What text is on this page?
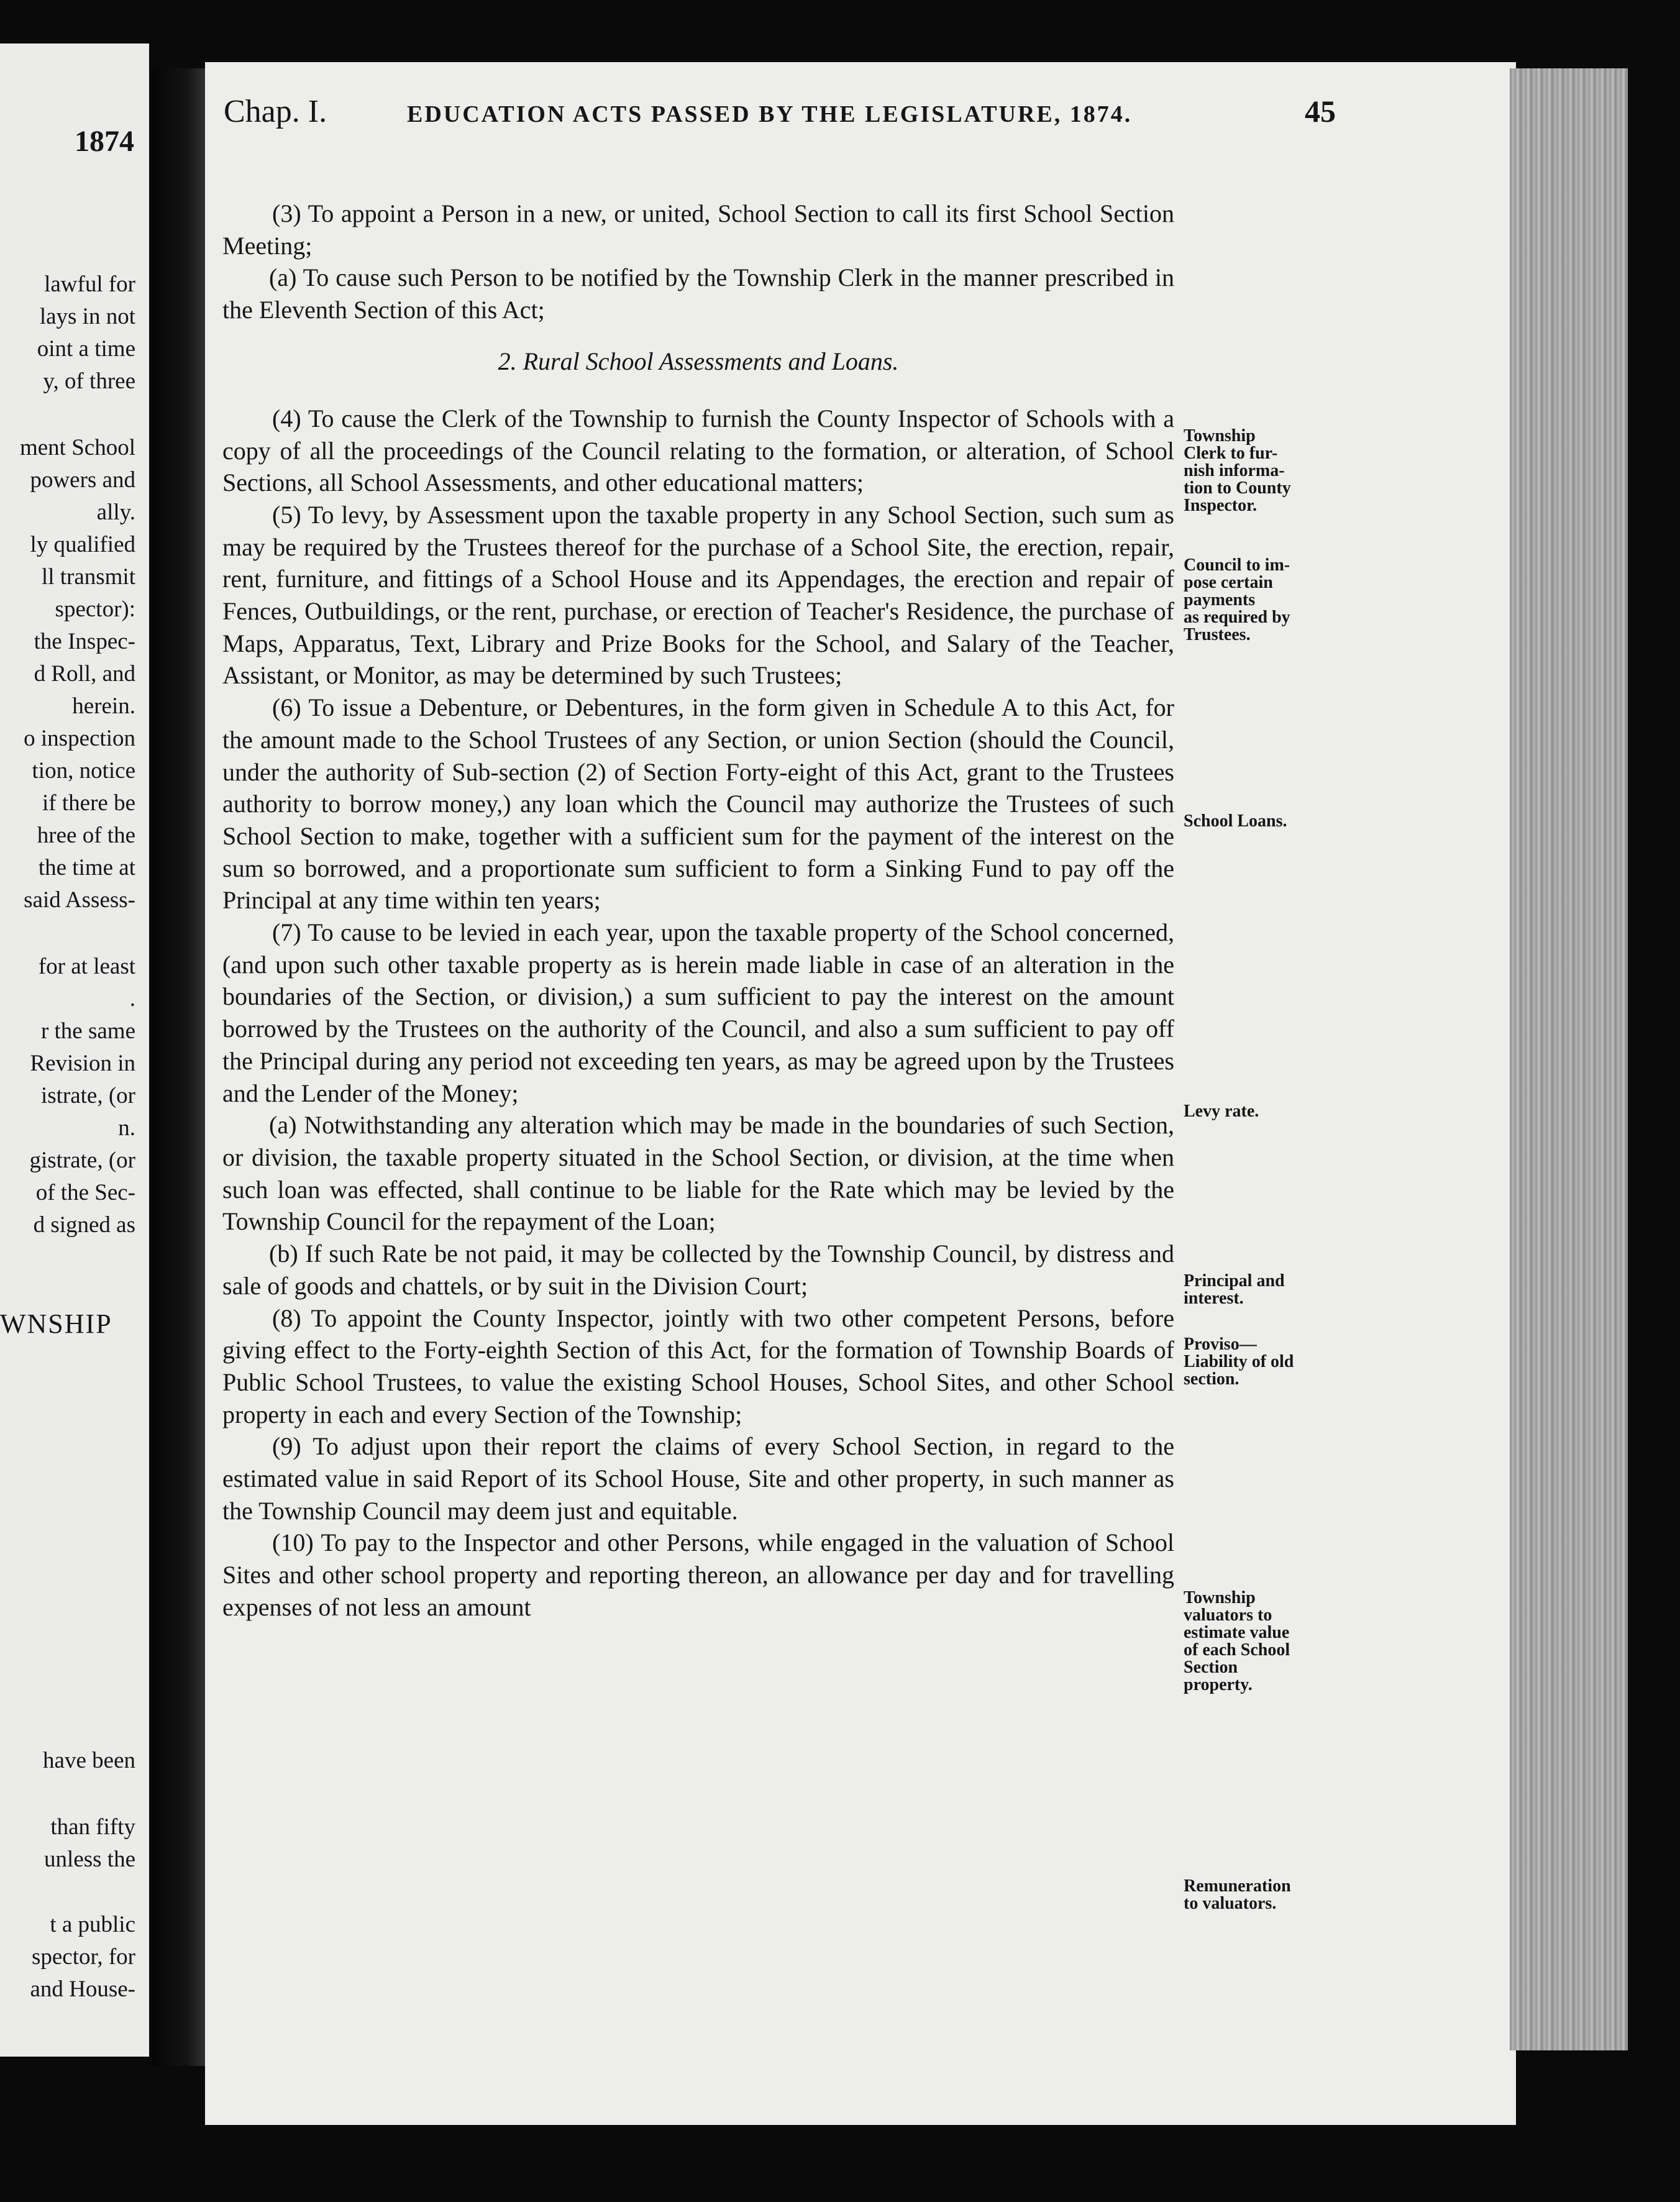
1874
lawful for
lays in not
oint a time
y, of three
ment School
powers and
ally.
ly qualified
ll transmit
spector):
the Inspec-
d Roll, and
herein.
o inspection
tion, notice
if there be
hree of the
the time at
said Assess-
for at least
.
r the same
Revision in
istrate, (or
n.
gistrate, (or
of the Sec-
d signed as
WNSHIP
have been
than fifty
unless the
t a public
spector, for
and House-
Chap. I.	EDUCATION ACTS PASSED BY THE LEGISLATURE, 1874.	45

(3) To appoint a Person in a new, or united, School Section to call its first School Section Meeting;

(a) To cause such Person to be notified by the Township Clerk in the manner prescribed in the Eleventh Section of this Act;

2. Rural School Assessments and Loans.

(4) To cause the Clerk of the Township to furnish the County Inspector of Schools with a copy of all the proceedings of the Council relating to the formation, or alteration, of School Sections, all School Assessments, and other educational matters;

(5) To levy, by Assessment upon the taxable property in any School Section, such sum as may be required by the Trustees thereof for the purchase of a School Site, the erection, repair, rent, furniture, and fittings of a School House and its Appendages, the erection and repair of Fences, Outbuildings, or the rent, purchase, or erection of Teacher's Residence, the purchase of Maps, Apparatus, Text, Library and Prize Books for the School, and Salary of the Teacher, Assistant, or Monitor, as may be determined by such Trustees;

(6) To issue a Debenture, or Debentures, in the form given in Schedule A to this Act, for the amount made to the School Trustees of any Section, or union Section (should the Council, under the authority of Sub-section (2) of Section Forty-eight of this Act, grant to the Trustees authority to borrow money,) any loan which the Council may authorize the Trustees of such School Section to make, together with a sufficient sum for the payment of the interest on the sum so borrowed, and a proportionate sum sufficient to form a Sinking Fund to pay off the Principal at any time within ten years;

(7) To cause to be levied in each year, upon the taxable property of the School concerned, (and upon such other taxable property as is herein made liable in case of an alteration in the boundaries of the Section, or division,) a sum sufficient to pay the interest on the amount borrowed by the Trustees on the authority of the Council, and also a sum sufficient to pay off the Principal during any period not exceeding ten years, as may be agreed upon by the Trustees and the Lender of the Money;

(a) Notwithstanding any alteration which may be made in the boundaries of such Section, or division, the taxable property situated in the School Section, or division, at the time when such loan was effected, shall continue to be liable for the Rate which may be levied by the Township Council for the repayment of the Loan;

(b) If such Rate be not paid, it may be collected by the Township Council, by distress and sale of goods and chattels, or by suit in the Division Court;

(8) To appoint the County Inspector, jointly with two other competent Persons, before giving effect to the Forty-eighth Section of this Act, for the formation of Township Boards of Public School Trustees, to value the existing School Houses, School Sites, and other School property in each and every Section of the Township;

(9) To adjust upon their report the claims of every School Section, in regard to the estimated value in said Report of its School House, Site and other property, in such manner as the Township Council may deem just and equitable.

(10) To pay to the Inspector and other Persons, while engaged in the valuation of School Sites and other school property and reporting thereon, an allowance per day and for travelling expenses of not less an amount

Township
Clerk to fur-
nish informa-
tion to County
Inspector.
Council to im-
pose certain
payments
as required by
Trustees.
School Loans.
Levy rate.
Principal and
interest.
Proviso—
Liability of old
section.
Township
valuators to
estimate value
of each School
Section
property.
Remuneration
to valuators.
